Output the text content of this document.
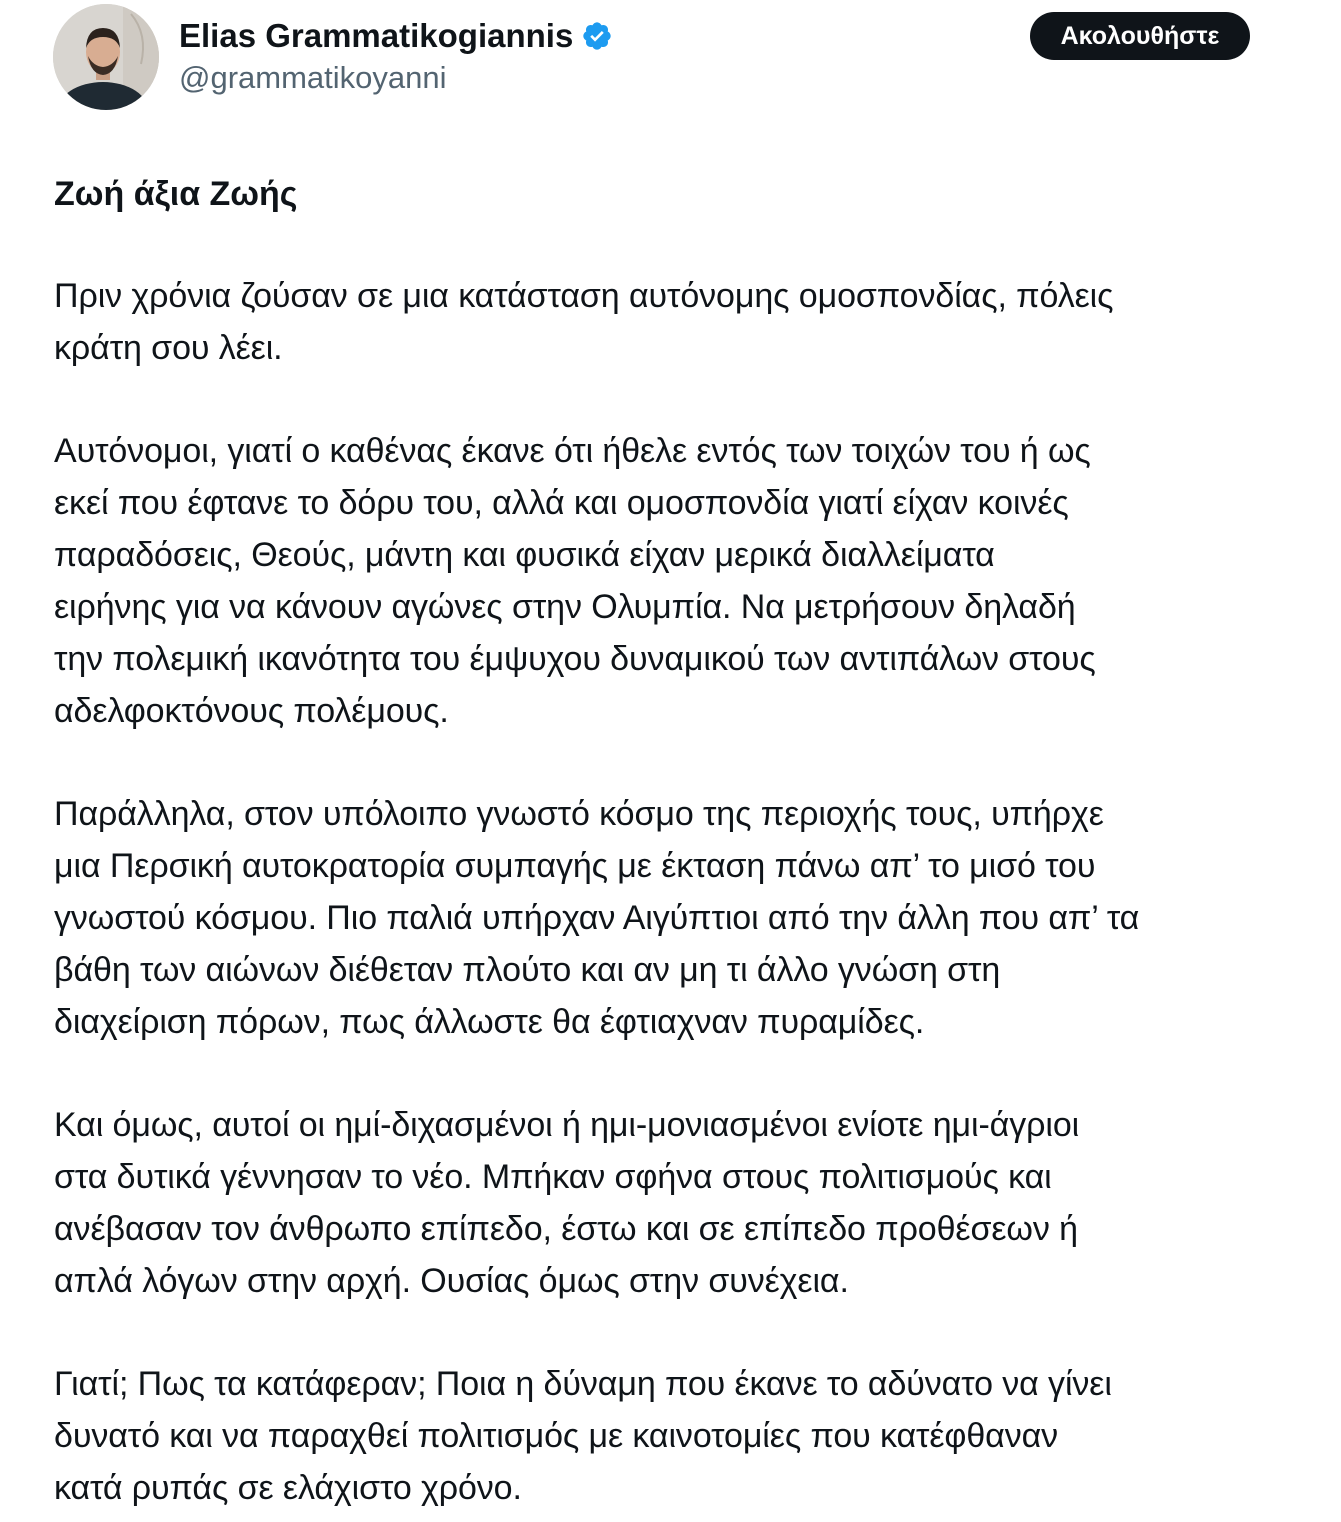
Elias Grammatikogiannis
@grammatikoyanni
Ακολουθήστε
Ζωή άξια Ζωής
Πριν χρόνια ζούσαν σε μια κατάσταση αυτόνομης ομοσπονδίας, πόλεις
κράτη σου λέει.
Αυτόνομοι, γιατί ο καθένας έκανε ότι ήθελε εντός των τοιχών του ή ως
εκεί που έφτανε το δόρυ του, αλλά και ομοσπονδία γιατί είχαν κοινές
παραδόσεις, Θεούς, μάντη και φυσικά είχαν μερικά διαλλείματα
ειρήνης για να κάνουν αγώνες στην Ολυμπία. Να μετρήσουν δηλαδή
την πολεμική ικανότητα του έμψυχου δυναμικού των αντιπάλων στους
αδελφοκτόνους πολέμους.
Παράλληλα, στον υπόλοιπο γνωστό κόσμο της περιοχής τους, υπήρχε
μια Περσική αυτοκρατορία συμπαγής με έκταση πάνω απ’ το μισό του
γνωστού κόσμου. Πιο παλιά υπήρχαν Αιγύπτιοι από την άλλη που απ’ τα
βάθη των αιώνων διέθεταν πλούτο και αν μη τι άλλο γνώση στη
διαχείριση πόρων, πως άλλωστε θα έφτιαχναν πυραμίδες.
Και όμως, αυτοί οι ημί-διχασμένοι ή ημι-μονιασμένοι ενίοτε ημι-άγριοι
στα δυτικά γέννησαν το νέο. Μπήκαν σφήνα στους πολιτισμούς και
ανέβασαν τον άνθρωπο επίπεδο, έστω και σε επίπεδο προθέσεων ή
απλά λόγων στην αρχή. Ουσίας όμως στην συνέχεια.
Γιατί; Πως τα κατάφεραν; Ποια η δύναμη που έκανε το αδύνατο να γίνει
δυνατό και να παραχθεί πολιτισμός με καινοτομίες που κατέφθαναν
κατά ρυπάς σε ελάχιστο χρόνο.
